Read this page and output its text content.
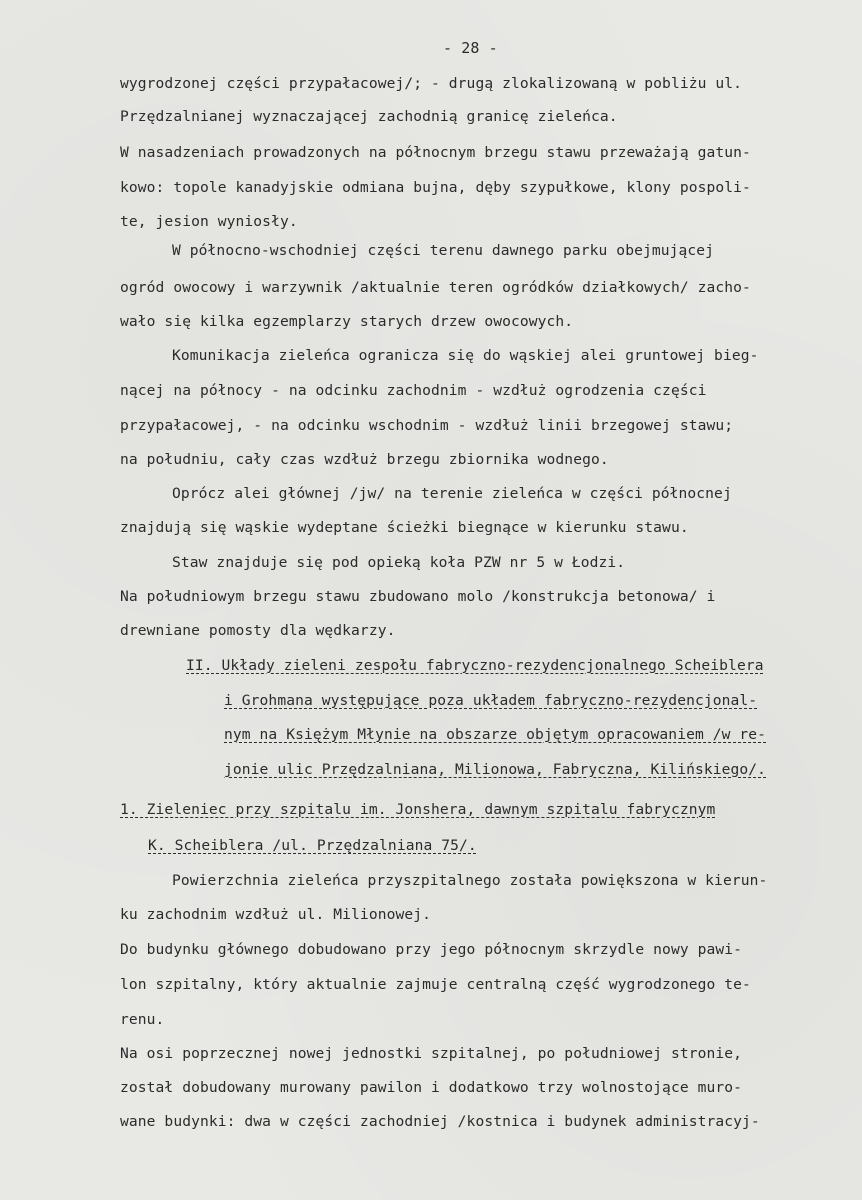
- 28 -
wygrodzonej części przypałacowej/; - drugą zlokalizowaną w pobliżu ul.
Przędzalnianej wyznaczającej zachodnią granicę zieleńca.
W nasadzeniach prowadzonych na północnym brzegu stawu przeważają gatun-
kowo: topole kanadyjskie odmiana bujna, dęby szypułkowe, klony pospoli-
te, jesion wyniosły.
W północno-wschodniej części terenu dawnego parku obejmującej
ogród owocowy i warzywnik /aktualnie teren ogródków działkowych/ zacho-
wało się kilka egzemplarzy starych drzew owocowych.
Komunikacja zieleńca ogranicza się do wąskiej alei gruntowej bieg-
nącej na północy - na odcinku zachodnim - wzdłuż ogrodzenia części
przypałacowej, - na odcinku wschodnim - wzdłuż linii brzegowej stawu;
na południu, cały czas wzdłuż brzegu zbiornika wodnego.
Oprócz alei głównej /jw/ na terenie zieleńca w części północnej
znajdują się wąskie wydeptane ścieżki biegnące w kierunku stawu.
Staw znajduje się pod opieką koła PZW nr 5 w Łodzi.
Na południowym brzegu stawu zbudowano molo /konstrukcja betonowa/ i
drewniane pomosty dla wędkarzy.
II. Układy zieleni zespołu fabryczno-rezydencjonalnego Scheiblera
i Grohmana występujące poza układem fabryczno-rezydencjonal-
nym na Księżym Młynie na obszarze objętym opracowaniem /w re-
jonie ulic Przędzalniana, Milionowa, Fabryczna, Kilińskiego/.
1. Zieleniec przy szpitalu im. Jonshera, dawnym szpitalu fabrycznym
K. Scheiblera /ul. Przędzalniana 75/.
Powierzchnia zieleńca przyszpitalnego została powiększona w kierun-
ku zachodnim wzdłuż ul. Milionowej.
Do budynku głównego dobudowano przy jego północnym skrzydle nowy pawi-
lon szpitalny, który aktualnie zajmuje centralną część wygrodzonego te-
renu.
Na osi poprzecznej nowej jednostki szpitalnej, po południowej stronie,
został dobudowany murowany pawilon i dodatkowo trzy wolnostojące muro-
wane budynki: dwa w części zachodniej /kostnica i budynek administracyj-
